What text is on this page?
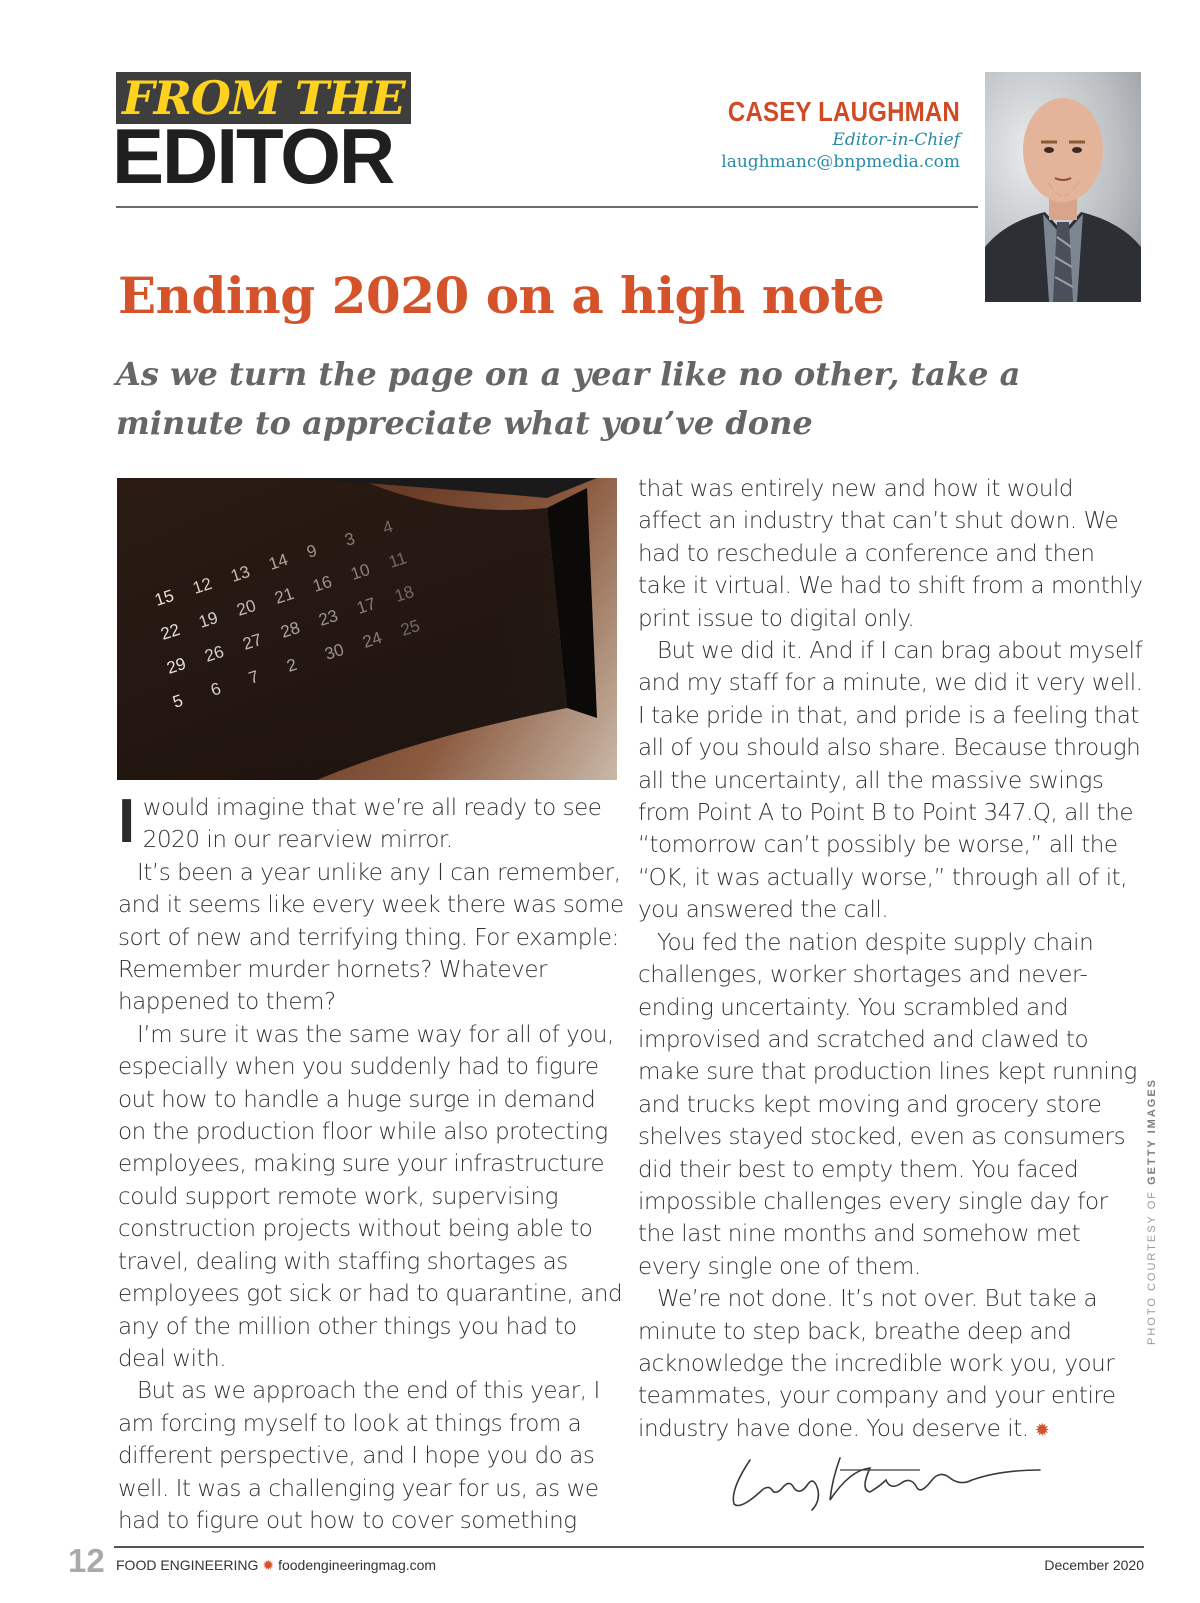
FROM THE
EDITOR
CASEY LAUGHMAN
Editor-in-Chief
laughmanc@bnpmedia.com
Ending 2020 on a high note
As we turn the page on a year like no other, take a minute to appreciate what you’ve done
15
22
29
5
12
19
26
6
13
20
27
7
14
21
28
2
9
16
23
30
3
10
17
24
4
11
18
25

Iwould imagine that we’re all ready to see 2020 in our rearview mirror.

It’s been a year unlike any I can remember, and it seems like every week there was some sort of new and terrifying thing. For example: Remember murder hornets? Whatever happened to them?

I’m sure it was the same way for all of you, especially when you suddenly had to figure out how to handle a huge surge in demand on the production floor while also protecting employees, making sure your infrastructure could support remote work, supervising construction projects without being able to travel, dealing with staffing shortages as employees got sick or had to quarantine, and any of the million other things you had to deal with.

But as we approach the end of this year, I am forcing myself to look at things from a different perspective, and I hope you do as well. It was a challenging year for us, as we had to figure out how to cover something

that was entirely new and how it would affect an industry that can’t shut down. We had to reschedule a conference and then take it virtual. We had to shift from a monthly print issue to digital only.

But we did it. And if I can brag about myself and my staff for a minute, we did it very well. I take pride in that, and pride is a feeling that all of you should also share. Because through all the uncertainty, all the massive swings from Point A to Point B to Point 347.Q, all the “tomorrow can’t possibly be worse,” all the “OK, it was actually worse,” through all of it, you answered the call.

You fed the nation despite supply chain challenges, worker shortages and never-ending uncertainty. You scrambled and improvised and scratched and clawed to make sure that production lines kept running and trucks kept moving and grocery store shelves stayed stocked, even as consumers did their best to empty them. You faced impossible challenges every single day for the last nine months and somehow met every single one of them.

We’re not done. It’s not over. But take a minute to step back, breathe deep and acknowledge the incredible work you, your teammates, your company and your entire industry have done. You deserve it. ✹

PHOTO COURTESY OF GETTY IMAGES
12 FOOD ENGINEERING ✹ foodengineeringmag.com	December 2020
